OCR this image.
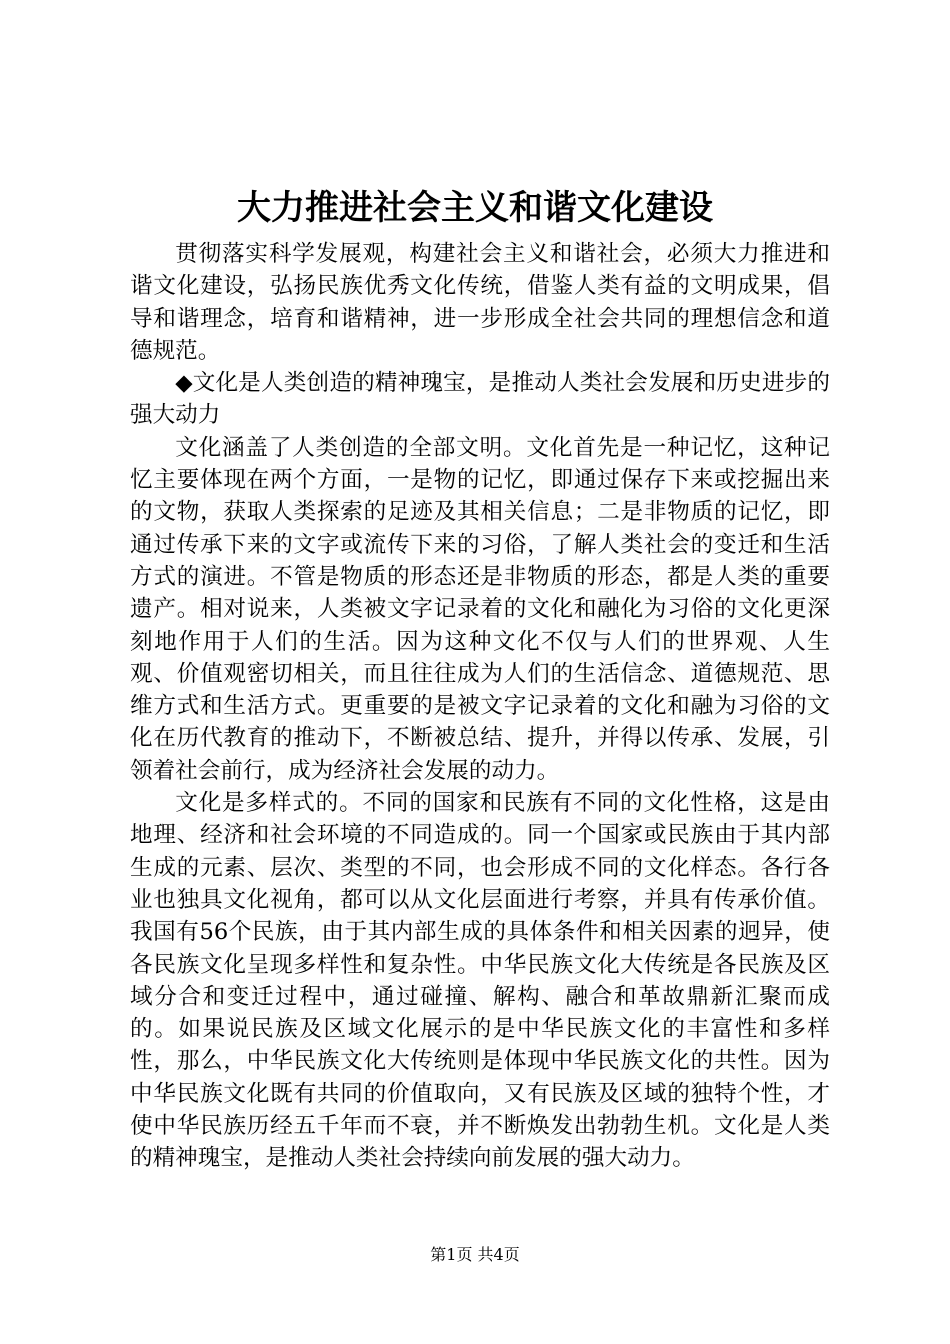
大力推进社会主义和谐文化建设

贯彻落实科学发展观，构建社会主义和谐社会，必须大力推进和谐文化建设，弘扬民族优秀文化传统，借鉴人类有益的文明成果，倡导和谐理念，培育和谐精神，进一步形成全社会共同的理想信念和道德规范。

◆文化是人类创造的精神瑰宝，是推动人类社会发展和历史进步的强大动力

文化涵盖了人类创造的全部文明。文化首先是一种记忆，这种记忆主要体现在两个方面，一是物的记忆，即通过保存下来或挖掘出来的文物，获取人类探索的足迹及其相关信息；二是非物质的记忆，即通过传承下来的文字或流传下来的习俗，了解人类社会的变迁和生活方式的演进。不管是物质的形态还是非物质的形态，都是人类的重要遗产。相对说来，人类被文字记录着的文化和融化为习俗的文化更深刻地作用于人们的生活。因为这种文化不仅与人们的世界观、人生观、价值观密切相关，而且往往成为人们的生活信念、道德规范、思维方式和生活方式。更重要的是被文字记录着的文化和融为习俗的文化在历代教育的推动下，不断被总结、提升，并得以传承、发展，引领着社会前行，成为经济社会发展的动力。

文化是多样式的。不同的国家和民族有不同的文化性格，这是由地理、经济和社会环境的不同造成的。同一个国家或民族由于其内部生成的元素、层次、类型的不同，也会形成不同的文化样态。各行各业也独具文化视角，都可以从文化层面进行考察，并具有传承价值。我国有56个民族，由于其内部生成的具体条件和相关因素的迥异，使各民族文化呈现多样性和复杂性。中华民族文化大传统是各民族及区域分合和变迁过程中，通过碰撞、解构、融合和革故鼎新汇聚而成的。如果说民族及区域文化展示的是中华民族文化的丰富性和多样性，那么，中华民族文化大传统则是体现中华民族文化的共性。因为中华民族文化既有共同的价值取向，又有民族及区域的独特个性，才使中华民族历经五千年而不衰，并不断焕发出勃勃生机。文化是人类的精神瑰宝，是推动人类社会持续向前发展的强大动力。

第1页 共4页
